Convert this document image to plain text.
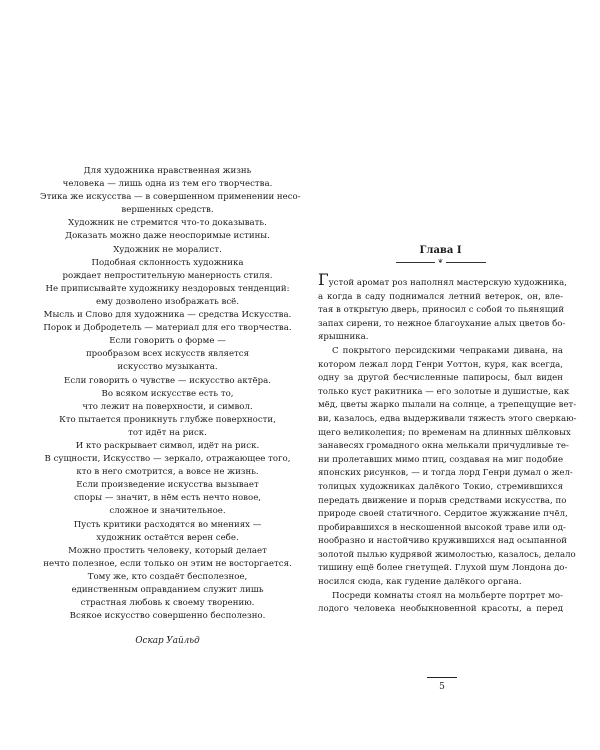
Для художника нравственная жизнь
человека — лишь одна из тем его творчества.
Этика же искусства — в совершенном применении несо-
вершенных средств.
Художник не стремится что-то доказывать.
Доказать можно даже неоспоримые истины.
Художник не моралист.
Подобная склонность художника
рождает непростительную манерность стиля.
Не приписывайте художнику нездоровых тенденций:
ему дозволено изображать всё.
Мысль и Слово для художника — средства Искусства.
Порок и Добродетель — материал для его творчества.
Если говорить о форме —
прообразом всех искусств является
искусство музыканта.
Если говорить о чувстве — искусство актёра.
Во всяком искусстве есть то,
что лежит на поверхности, и символ.
Кто пытается проникнуть глубже поверхности,
тот идёт на риск.
И кто раскрывает символ, идёт на риск.
В сущности, Искусство — зеркало, отражающее того,
кто в него смотрится, а вовсе не жизнь.
Если произведение искусства вызывает
споры — значит, в нём есть нечто новое,
сложное и значительное.
Пусть критики расходятся во мнениях —
художник остаётся верен себе.
Можно простить человеку, который делает
нечто полезное, если только он этим не восторгается.
Тому же, кто создаёт бесполезное,
единственным оправданием служит лишь
страстная любовь к своему творению.
Всякое искусство совершенно бесполезно.
Оскар Уайльд
Глава I
❦
Густой аромат роз наполнял мастерскую художника,
а когда в саду поднимался летний ветерок, он, вле-
тая в открытую дверь, приносил с собой то пьянящий
запах сирени, то нежное благоухание алых цветов бо-
ярышника.
С покрытого персидскими чепраками дивана, на
котором лежал лорд Генри Уоттон, куря, как всегда,
одну за другой бесчисленные папиросы, был виден
только куст ракитника — его золотые и душистые, как
мёд, цветы жарко пылали на солнце, а трепещущие вет-
ви, казалось, едва выдерживали тяжесть этого сверкаю-
щего великолепия; по временам на длинных шёлковых
занавесях громадного окна мелькали причудливые те-
ни пролетавших мимо птиц, создавая на миг подобие
японских рисунков, — и тогда лорд Генри думал о жел-
толицых художниках далёкого Токио, стремившихся
передать движение и порыв средствами искусства, по
природе своей статичного. Сердитое жужжание пчёл,
пробиравшихся в нескошенной высокой траве или од-
нообразно и настойчиво кружившихся над осыпанной
золотой пылью кудрявой жимолостью, казалось, делало
тишину ещё более гнетущей. Глухой шум Лондона до-
носился сюда, как гудение далёкого органа.
Посреди комнаты стоял на мольберте портрет мо-
лодого человека необыкновенной красоты, а перед
5
